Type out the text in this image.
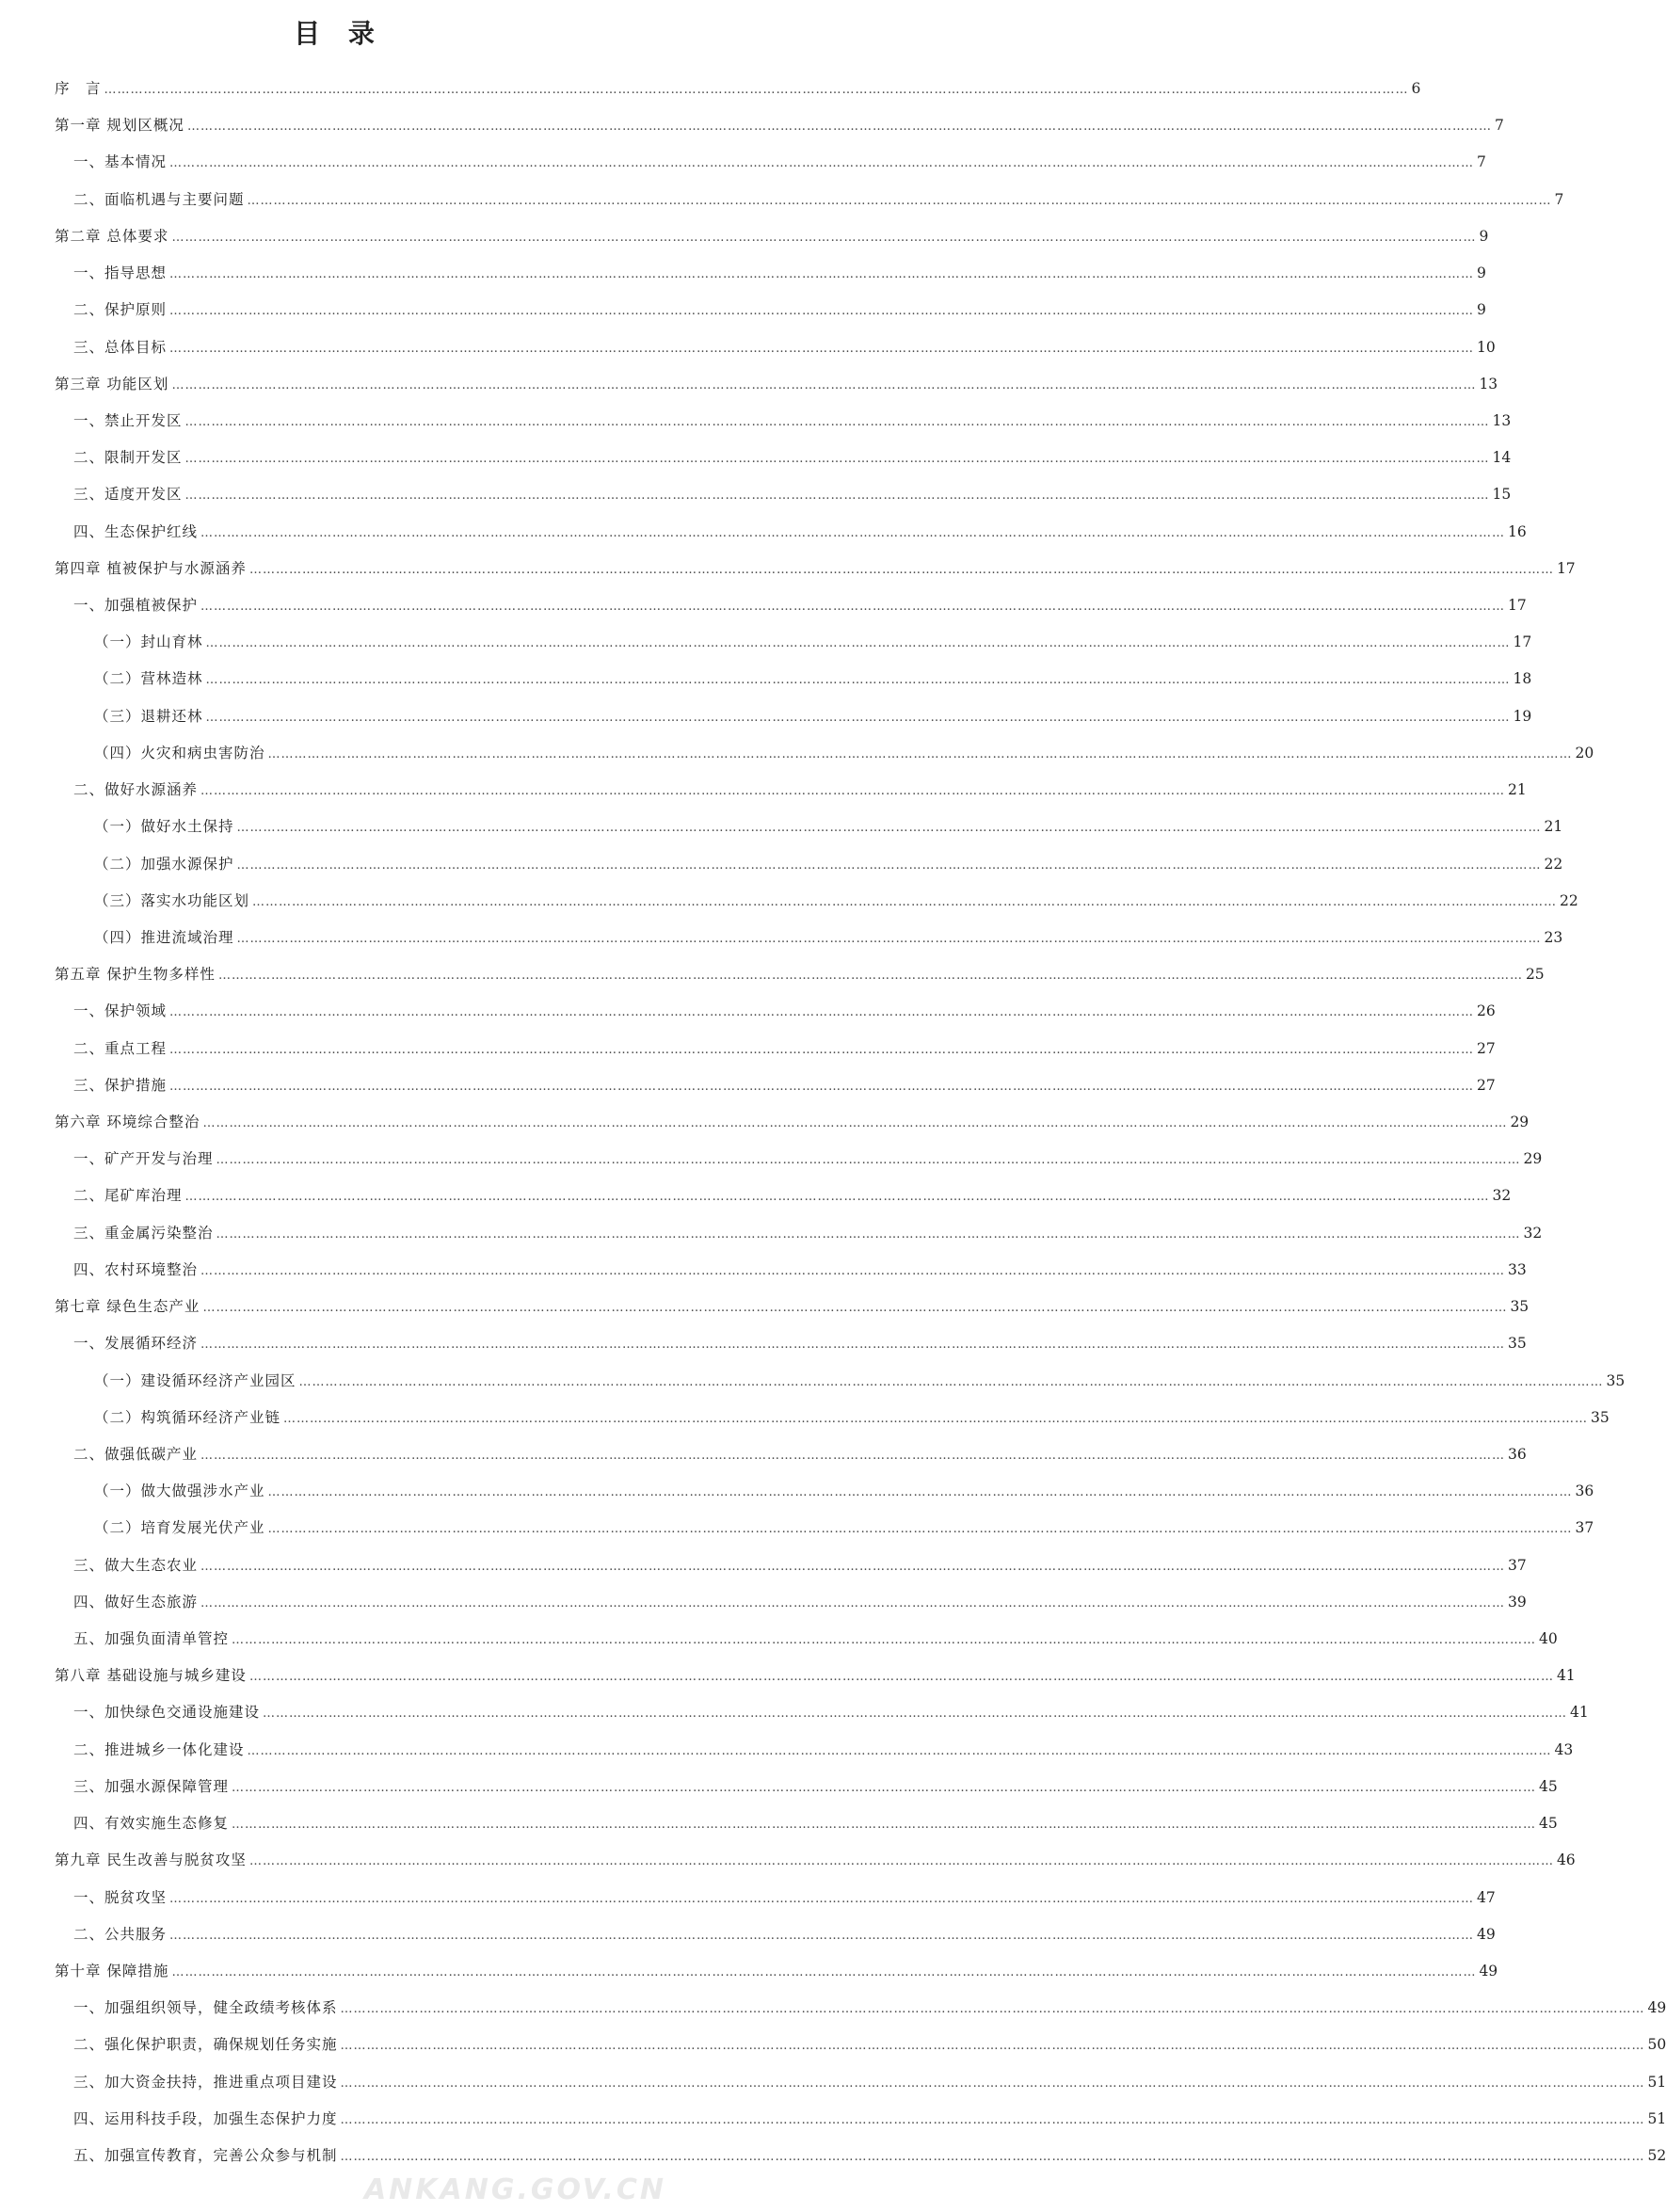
目 录
序　言 ……………………………………………………………………………………………………………………………………………………………………………………………………………………………………………………………………… 6
第一章 规划区概况 ……………………………………………………………………………………………………………………………………………………………………………………………………………………………………………………………………… 7
一、基本情况 ……………………………………………………………………………………………………………………………………………………………………………………………………………………………………………………………………… 7
二、面临机遇与主要问题 ……………………………………………………………………………………………………………………………………………………………………………………………………………………………………………………………………… 7
第二章 总体要求 ……………………………………………………………………………………………………………………………………………………………………………………………………………………………………………………………………… 9
一、指导思想 ……………………………………………………………………………………………………………………………………………………………………………………………………………………………………………………………………… 9
二、保护原则 ……………………………………………………………………………………………………………………………………………………………………………………………………………………………………………………………………… 9
三、总体目标 ……………………………………………………………………………………………………………………………………………………………………………………………………………………………………………………………………… 10
第三章 功能区划 ……………………………………………………………………………………………………………………………………………………………………………………………………………………………………………………………………… 13
一、禁止开发区 ……………………………………………………………………………………………………………………………………………………………………………………………………………………………………………………………………… 13
二、限制开发区 ……………………………………………………………………………………………………………………………………………………………………………………………………………………………………………………………………… 14
三、适度开发区 ……………………………………………………………………………………………………………………………………………………………………………………………………………………………………………………………………… 15
四、生态保护红线 ……………………………………………………………………………………………………………………………………………………………………………………………………………………………………………………………………… 16
第四章 植被保护与水源涵养 ……………………………………………………………………………………………………………………………………………………………………………………………………………………………………………………………………… 17
一、加强植被保护 ……………………………………………………………………………………………………………………………………………………………………………………………………………………………………………………………………… 17
（一）封山育林 ……………………………………………………………………………………………………………………………………………………………………………………………………………………………………………………………………… 17
（二）营林造林 ……………………………………………………………………………………………………………………………………………………………………………………………………………………………………………………………………… 18
（三）退耕还林 ……………………………………………………………………………………………………………………………………………………………………………………………………………………………………………………………………… 19
（四）火灾和病虫害防治 ……………………………………………………………………………………………………………………………………………………………………………………………………………………………………………………………………… 20
二、做好水源涵养 ……………………………………………………………………………………………………………………………………………………………………………………………………………………………………………………………………… 21
（一）做好水土保持 ……………………………………………………………………………………………………………………………………………………………………………………………………………………………………………………………………… 21
（二）加强水源保护 ……………………………………………………………………………………………………………………………………………………………………………………………………………………………………………………………………… 22
（三）落实水功能区划 ……………………………………………………………………………………………………………………………………………………………………………………………………………………………………………………………………… 22
（四）推进流域治理 ……………………………………………………………………………………………………………………………………………………………………………………………………………………………………………………………………… 23
第五章 保护生物多样性 ……………………………………………………………………………………………………………………………………………………………………………………………………………………………………………………………………… 25
一、保护领域 ……………………………………………………………………………………………………………………………………………………………………………………………………………………………………………………………………… 26
二、重点工程 ……………………………………………………………………………………………………………………………………………………………………………………………………………………………………………………………………… 27
三、保护措施 ……………………………………………………………………………………………………………………………………………………………………………………………………………………………………………………………………… 27
第六章 环境综合整治 ……………………………………………………………………………………………………………………………………………………………………………………………………………………………………………………………………… 29
一、矿产开发与治理 ……………………………………………………………………………………………………………………………………………………………………………………………………………………………………………………………………… 29
二、尾矿库治理 ……………………………………………………………………………………………………………………………………………………………………………………………………………………………………………………………………… 32
三、重金属污染整治 ……………………………………………………………………………………………………………………………………………………………………………………………………………………………………………………………………… 32
四、农村环境整治 ……………………………………………………………………………………………………………………………………………………………………………………………………………………………………………………………………… 33
第七章 绿色生态产业 ……………………………………………………………………………………………………………………………………………………………………………………………………………………………………………………………………… 35
一、发展循环经济 ……………………………………………………………………………………………………………………………………………………………………………………………………………………………………………………………………… 35
（一）建设循环经济产业园区 ……………………………………………………………………………………………………………………………………………………………………………………………………………………………………………………………………… 35
（二）构筑循环经济产业链 ……………………………………………………………………………………………………………………………………………………………………………………………………………………………………………………………………… 35
二、做强低碳产业 ……………………………………………………………………………………………………………………………………………………………………………………………………………………………………………………………………… 36
（一）做大做强涉水产业 ……………………………………………………………………………………………………………………………………………………………………………………………………………………………………………………………………… 36
（二）培育发展光伏产业 ……………………………………………………………………………………………………………………………………………………………………………………………………………………………………………………………………… 37
三、做大生态农业 ……………………………………………………………………………………………………………………………………………………………………………………………………………………………………………………………………… 37
四、做好生态旅游 ……………………………………………………………………………………………………………………………………………………………………………………………………………………………………………………………………… 39
五、加强负面清单管控 ……………………………………………………………………………………………………………………………………………………………………………………………………………………………………………………………………… 40
第八章 基础设施与城乡建设 ……………………………………………………………………………………………………………………………………………………………………………………………………………………………………………………………………… 41
一、加快绿色交通设施建设 ……………………………………………………………………………………………………………………………………………………………………………………………………………………………………………………………………… 41
二、推进城乡一体化建设 ……………………………………………………………………………………………………………………………………………………………………………………………………………………………………………………………………… 43
三、加强水源保障管理 ……………………………………………………………………………………………………………………………………………………………………………………………………………………………………………………………………… 45
四、有效实施生态修复 ……………………………………………………………………………………………………………………………………………………………………………………………………………………………………………………………………… 45
第九章 民生改善与脱贫攻坚 ……………………………………………………………………………………………………………………………………………………………………………………………………………………………………………………………………… 46
一、脱贫攻坚 ……………………………………………………………………………………………………………………………………………………………………………………………………………………………………………………………………… 47
二、公共服务 ……………………………………………………………………………………………………………………………………………………………………………………………………………………………………………………………………… 49
第十章 保障措施 ……………………………………………………………………………………………………………………………………………………………………………………………………………………………………………………………………… 49
一、加强组织领导，健全政绩考核体系 ……………………………………………………………………………………………………………………………………………………………………………………………………………………………………………………………………… 49
二、强化保护职责，确保规划任务实施 ……………………………………………………………………………………………………………………………………………………………………………………………………………………………………………………………………… 50
三、加大资金扶持，推进重点项目建设 ……………………………………………………………………………………………………………………………………………………………………………………………………………………………………………………………………… 51
四、运用科技手段，加强生态保护力度 ……………………………………………………………………………………………………………………………………………………………………………………………………………………………………………………………………… 51
五、加强宣传教育，完善公众参与机制 ……………………………………………………………………………………………………………………………………………………………………………………………………………………………………………………………………… 52
ANKANG.GOV.CN
